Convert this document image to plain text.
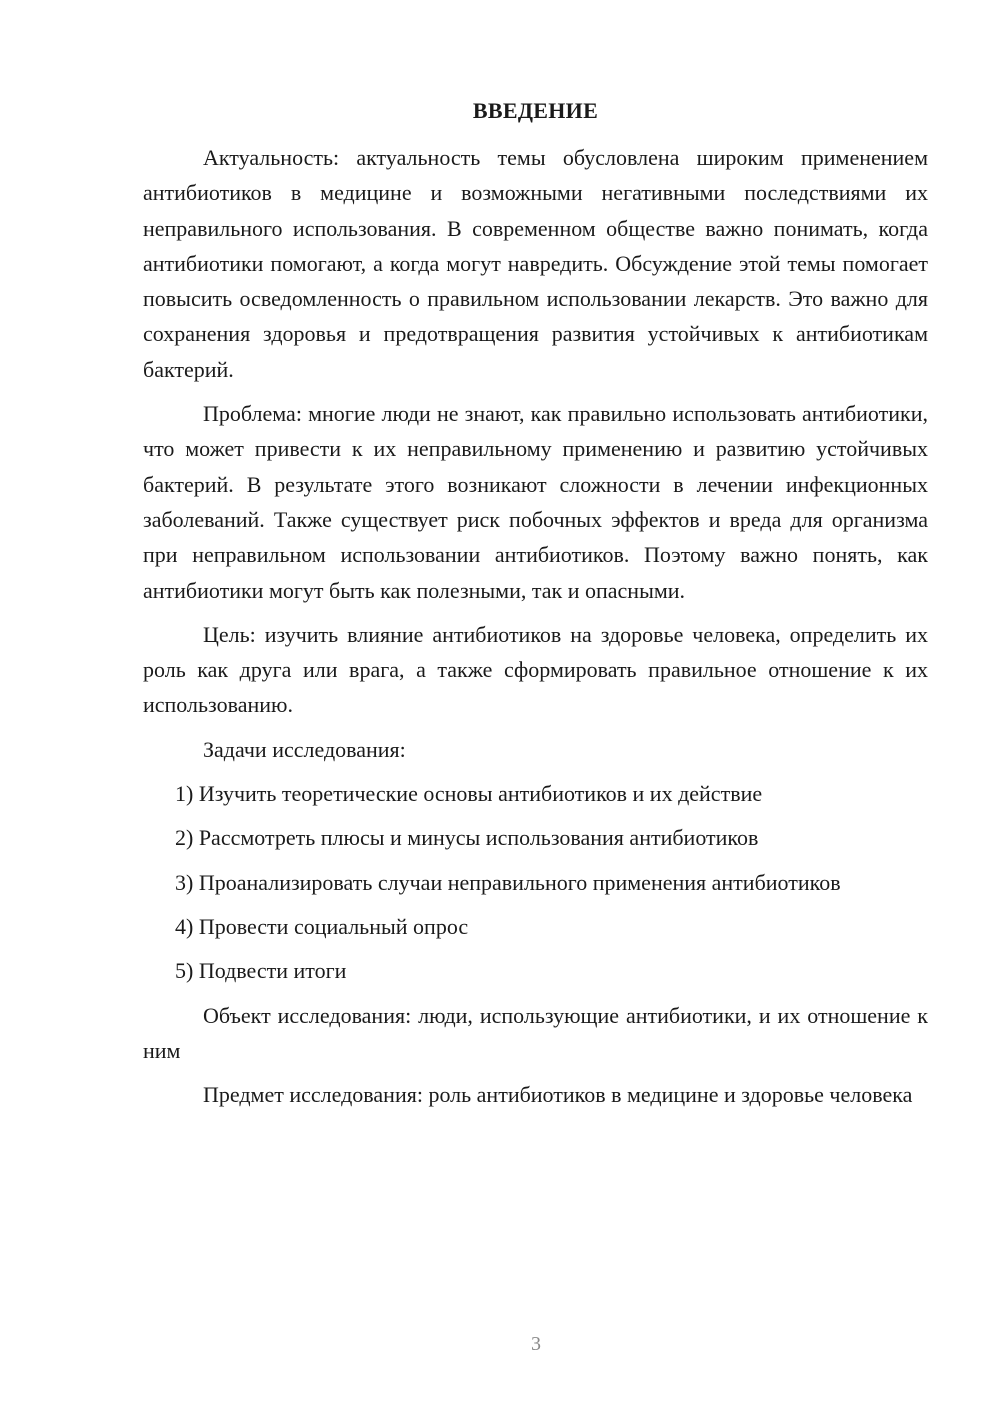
ВВЕДЕНИЕ

Актуальность: актуальность темы обусловлена широким применением антибиотиков в медицине и возможными негативными последствиями их неправильного использования. В современном обществе важно понимать, когда антибиотики помогают, а когда могут навредить. Обсуждение этой темы помогает повысить осведомленность о правильном использовании лекарств. Это важно для сохранения здоровья и предотвращения развития устойчивых к антибиотикам бактерий.

Проблема: многие люди не знают, как правильно использовать антибиотики, что может привести к их неправильному применению и развитию устойчивых бактерий. В результате этого возникают сложности в лечении инфекционных заболеваний. Также существует риск побочных эффектов и вреда для организма при неправильном использовании антибиотиков. Поэтому важно понять, как антибиотики могут быть как полезными, так и опасными.

Цель: изучить влияние антибиотиков на здоровье человека, определить их роль как друга или врага, а также сформировать правильное отношение к их использованию.

Задачи исследования:

1) Изучить теоретические основы антибиотиков и их действие

2) Рассмотреть плюсы и минусы использования антибиотиков

3) Проанализировать случаи неправильного применения антибиотиков

4) Провести социальный опрос

5) Подвести итоги

Объект исследования: люди, использующие антибиотики, и их отношение к ним

Предмет исследования: роль антибиотиков в медицине и здоровье человека

3
